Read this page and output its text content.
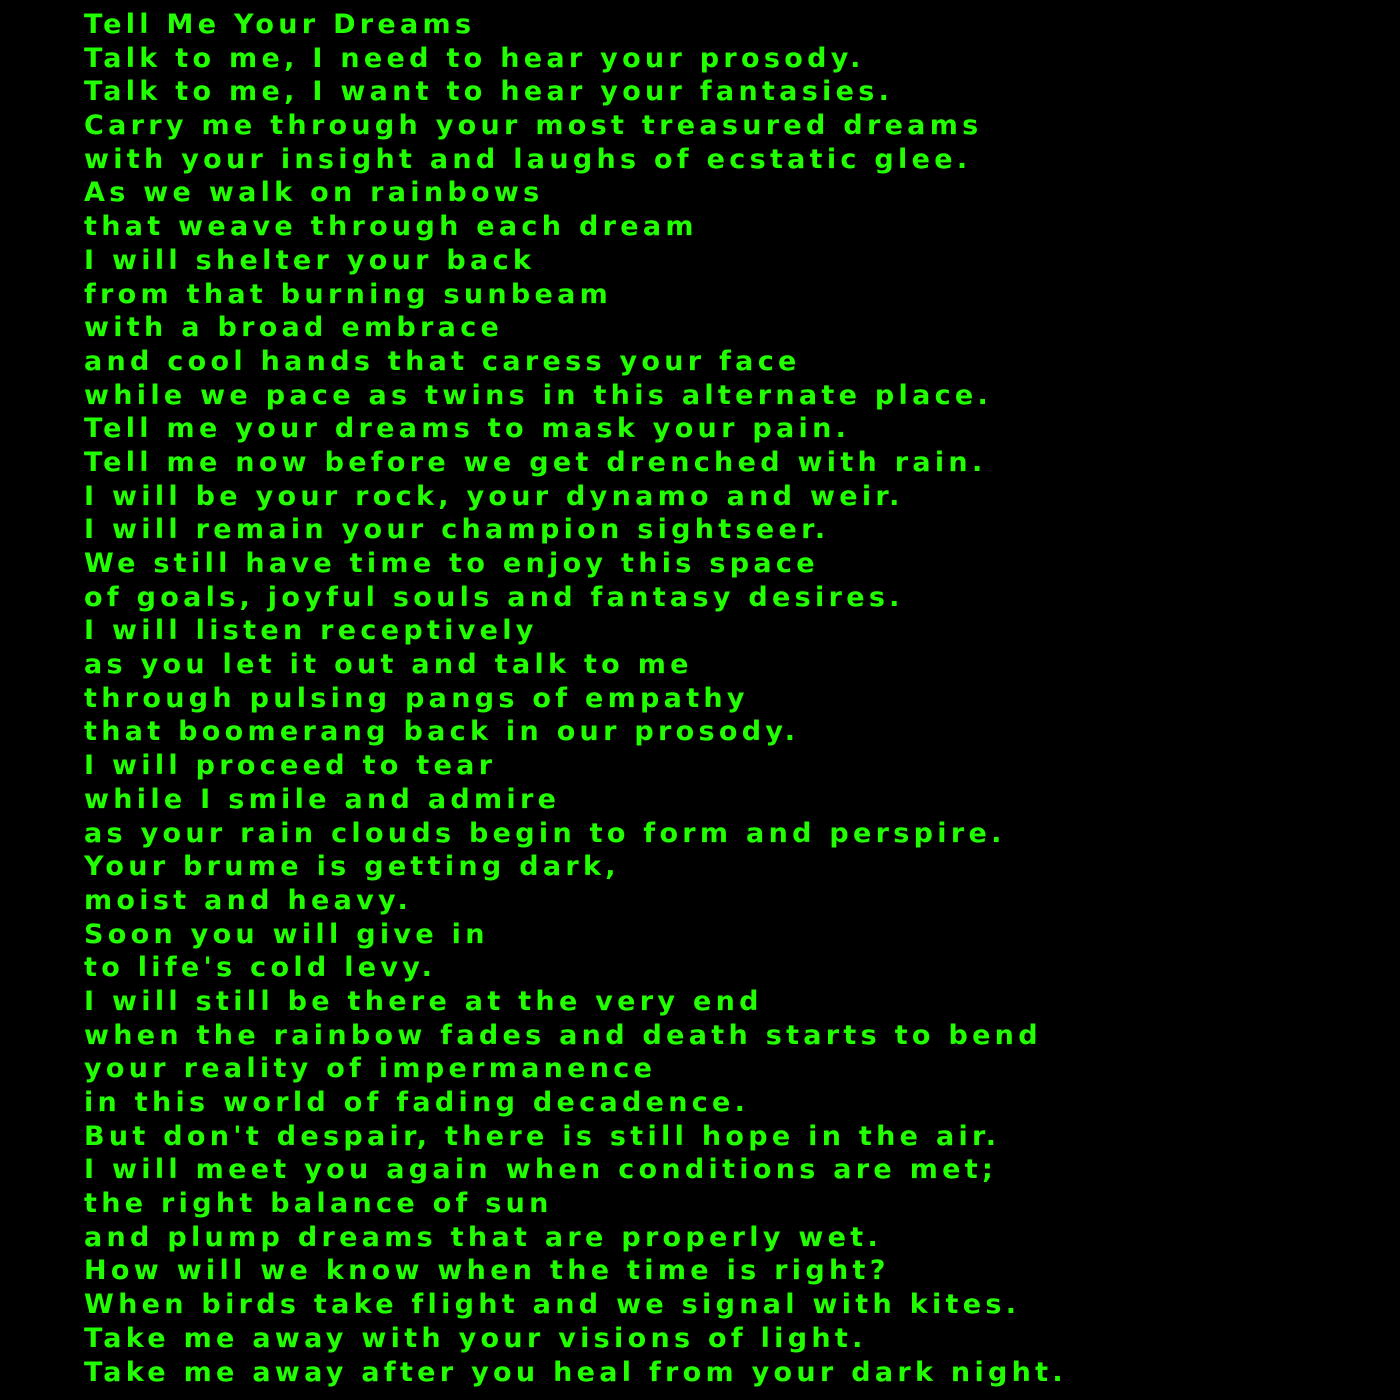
Tell Me Your Dreams
Talk to me, I need to hear your prosody.
Talk to me, I want to hear your fantasies.
Carry me through your most treasured dreams
with your insight and laughs of ecstatic glee.
As we walk on rainbows
that weave through each dream
I will shelter your back
from that burning sunbeam
with a broad embrace
and cool hands that caress your face
while we pace as twins in this alternate place.
Tell me your dreams to mask your pain.
Tell me now before we get drenched with rain.
I will be your rock, your dynamo and weir.
I will remain your champion sightseer.
We still have time to enjoy this space
of goals, joyful souls and fantasy desires.
I will listen receptively
as you let it out and talk to me
through pulsing pangs of empathy
that boomerang back in our prosody.
I will proceed to tear
while I smile and admire
as your rain clouds begin to form and perspire.
Your brume is getting dark,
moist and heavy.
Soon you will give in
to life's cold levy.
I will still be there at the very end
when the rainbow fades and death starts to bend
your reality of impermanence
in this world of fading decadence.
But don't despair, there is still hope in the air.
I will meet you again when conditions are met;
the right balance of sun
and plump dreams that are properly wet.
How will we know when the time is right?
When birds take flight and we signal with kites.
Take me away with your visions of light.
Take me away after you heal from your dark night.
